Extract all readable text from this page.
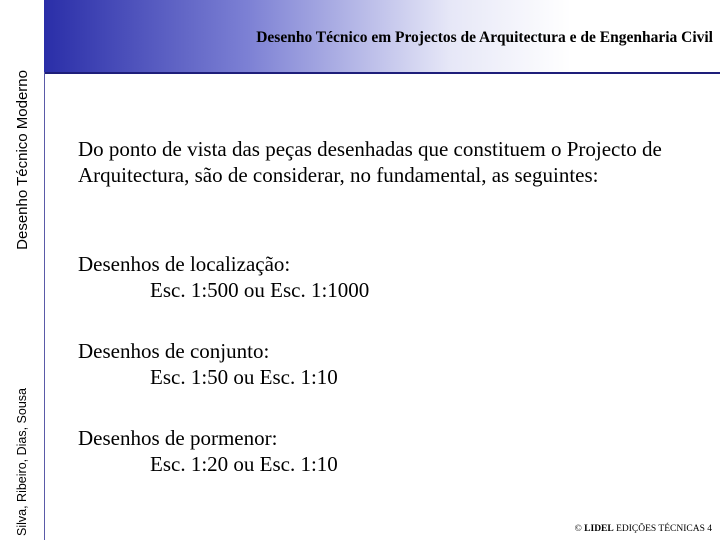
Desenho Técnico Moderno
Silva, Ribeiro, Dias, Sousa
Desenho Técnico em Projectos de Arquitectura e de Engenharia Civil
Do ponto de vista das peças desenhadas que constituem o Projecto de Arquitectura, são de considerar, no fundamental, as seguintes:
Desenhos de localização:
Esc. 1:500 ou Esc. 1:1000
Desenhos de conjunto:
Esc. 1:50 ou Esc. 1:10
Desenhos de pormenor:
Esc. 1:20 ou Esc. 1:10
© LIDEL EDIÇÕES TÉCNICAS 4
